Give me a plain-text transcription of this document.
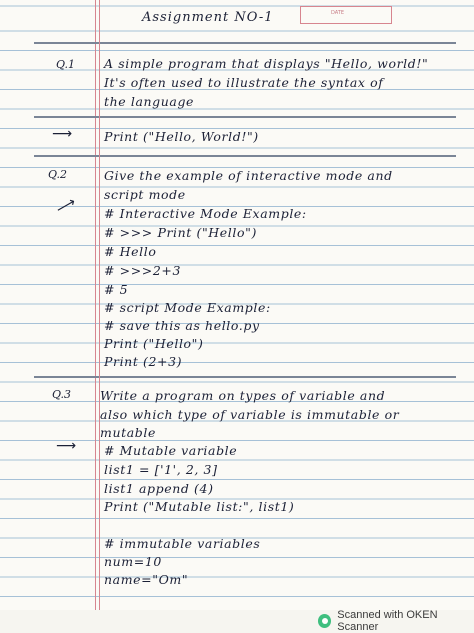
DATE
Assignment NO-1
Q.1 A simple program that displays "Hello, world!"
It's often used to illustrate the syntax of
the language
⟶	Print ("Hello, World!")
Q.2	Give the example of interactive mode and
script mode
⟶ # Interactive Mode Example:
# >>> Print ("Hello")
# Hello
# >>>2+3
# 5
# script Mode Example:
# save this as hello.py
Print ("Hello")
Print (2+3)
Q.3 Write a program on types of variable and
also which type of variable is immutable or
mutable
⟶ # Mutable variable
list1 = ['1', 2, 3]
list1 append (4)
Print ("Mutable list:", list1)
# immutable variables
num=10
name="Om"
Scanned with OKEN Scanner
